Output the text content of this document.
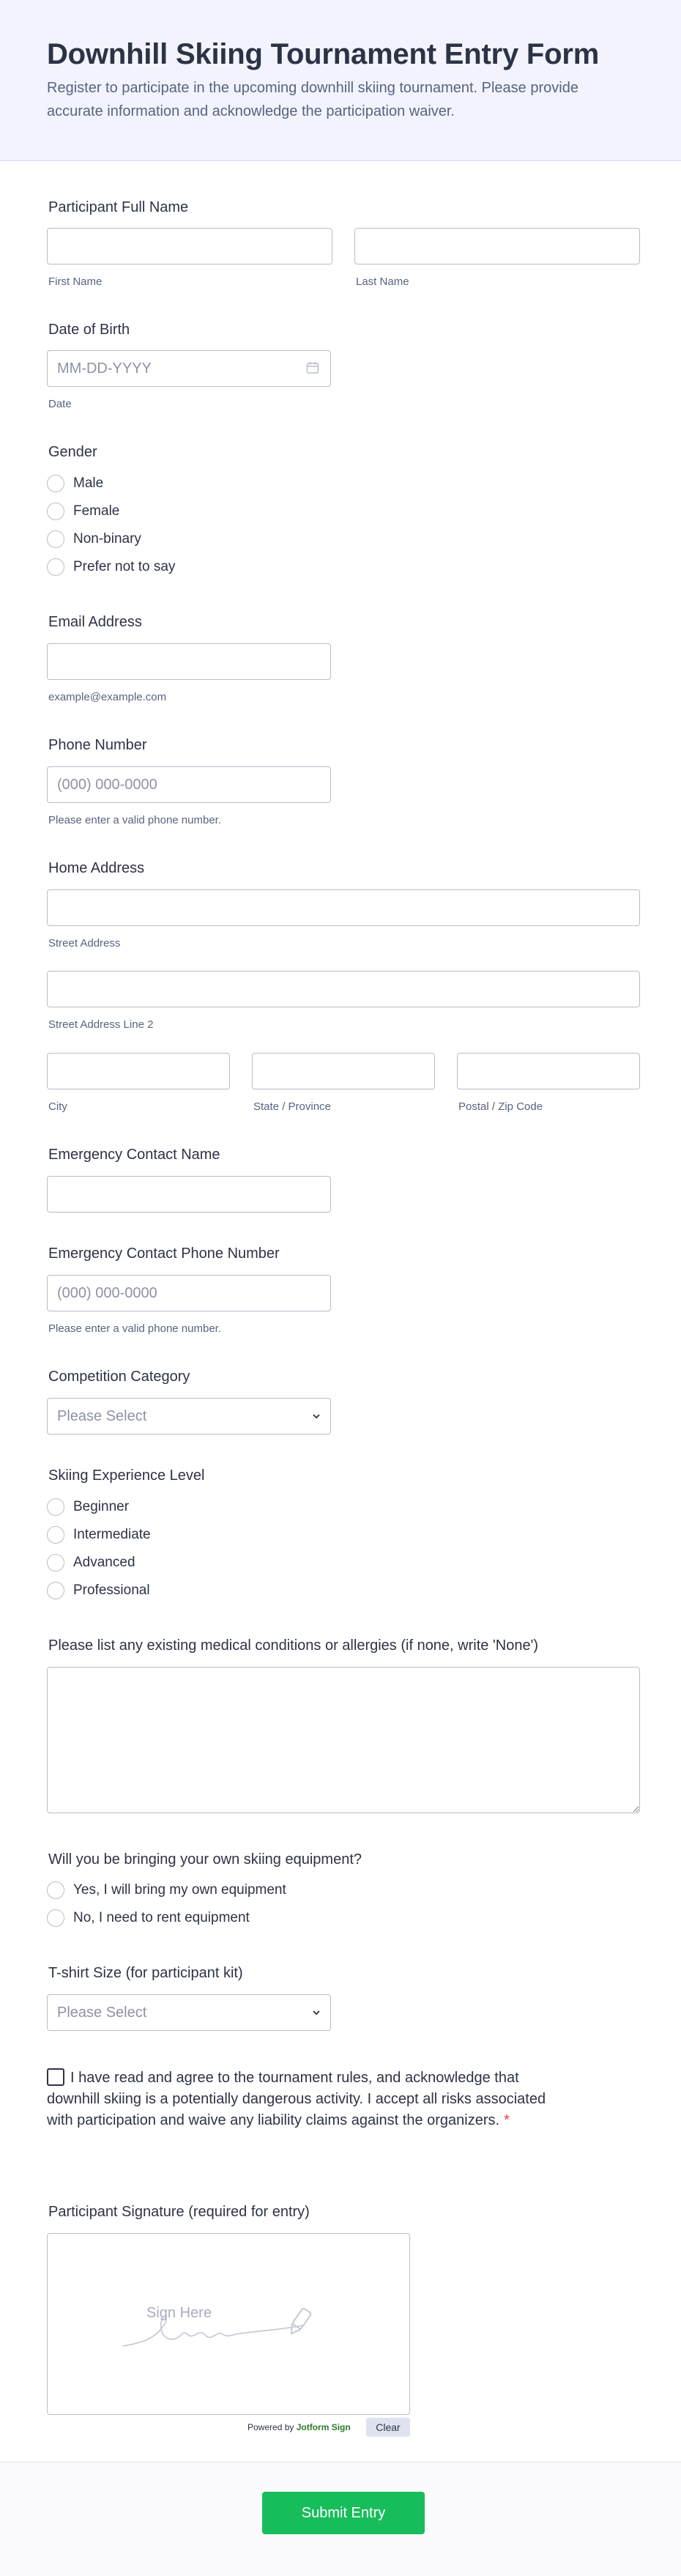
Downhill Skiing Tournament Entry Form

Register to participate in the upcoming downhill skiing tournament. Please provide accurate information and acknowledge the participation waiver.

Participant Full Name
First Name	Last Name
Date of Birth
MM-DD-YYYY
Date
Gender
Male
Female
Non-binary
Prefer not to say
Email Address
example@example.com
Phone Number
(000) 000-0000
Please enter a valid phone number.
Home Address
Street Address
Street Address Line 2
City	State / Province	Postal / Zip Code
Emergency Contact Name
Emergency Contact Phone Number
(000) 000-0000
Please enter a valid phone number.
Competition Category
Please Select
Skiing Experience Level
Beginner
Intermediate
Advanced
Professional
Please list any existing medical conditions or allergies (if none, write 'None')
Will you be bringing your own skiing equipment?
Yes, I will bring my own equipment
No, I need to rent equipment
T-shirt Size (for participant kit)
Please Select
I have read and agree to the tournament rules, and acknowledge that downhill skiing is a potentially dangerous activity. I accept all risks associated with participation and waive any liability claims against the organizers. *
Participant Signature (required for entry)
Sign Here
Powered by Jotform Sign	Clear
Submit Entry
